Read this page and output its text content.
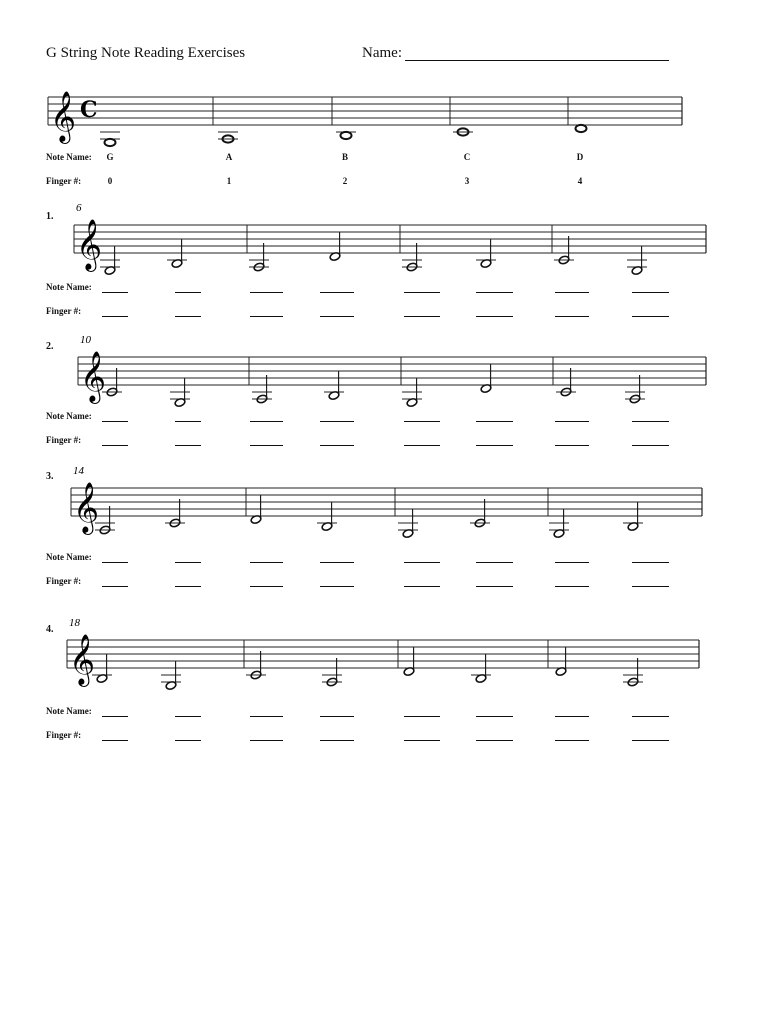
G String Note Reading Exercises	Name:
𝄞 C
Note Name:
Finger #:
G
0
A
1
B
2
C
3
D
4
1.
𝄞
6
Note Name:
Finger #:
2.
𝄞
10
Note Name:
Finger #:
3.
𝄞
14
Note Name:
Finger #:
4.
𝄞
18
Note Name:
Finger #:
